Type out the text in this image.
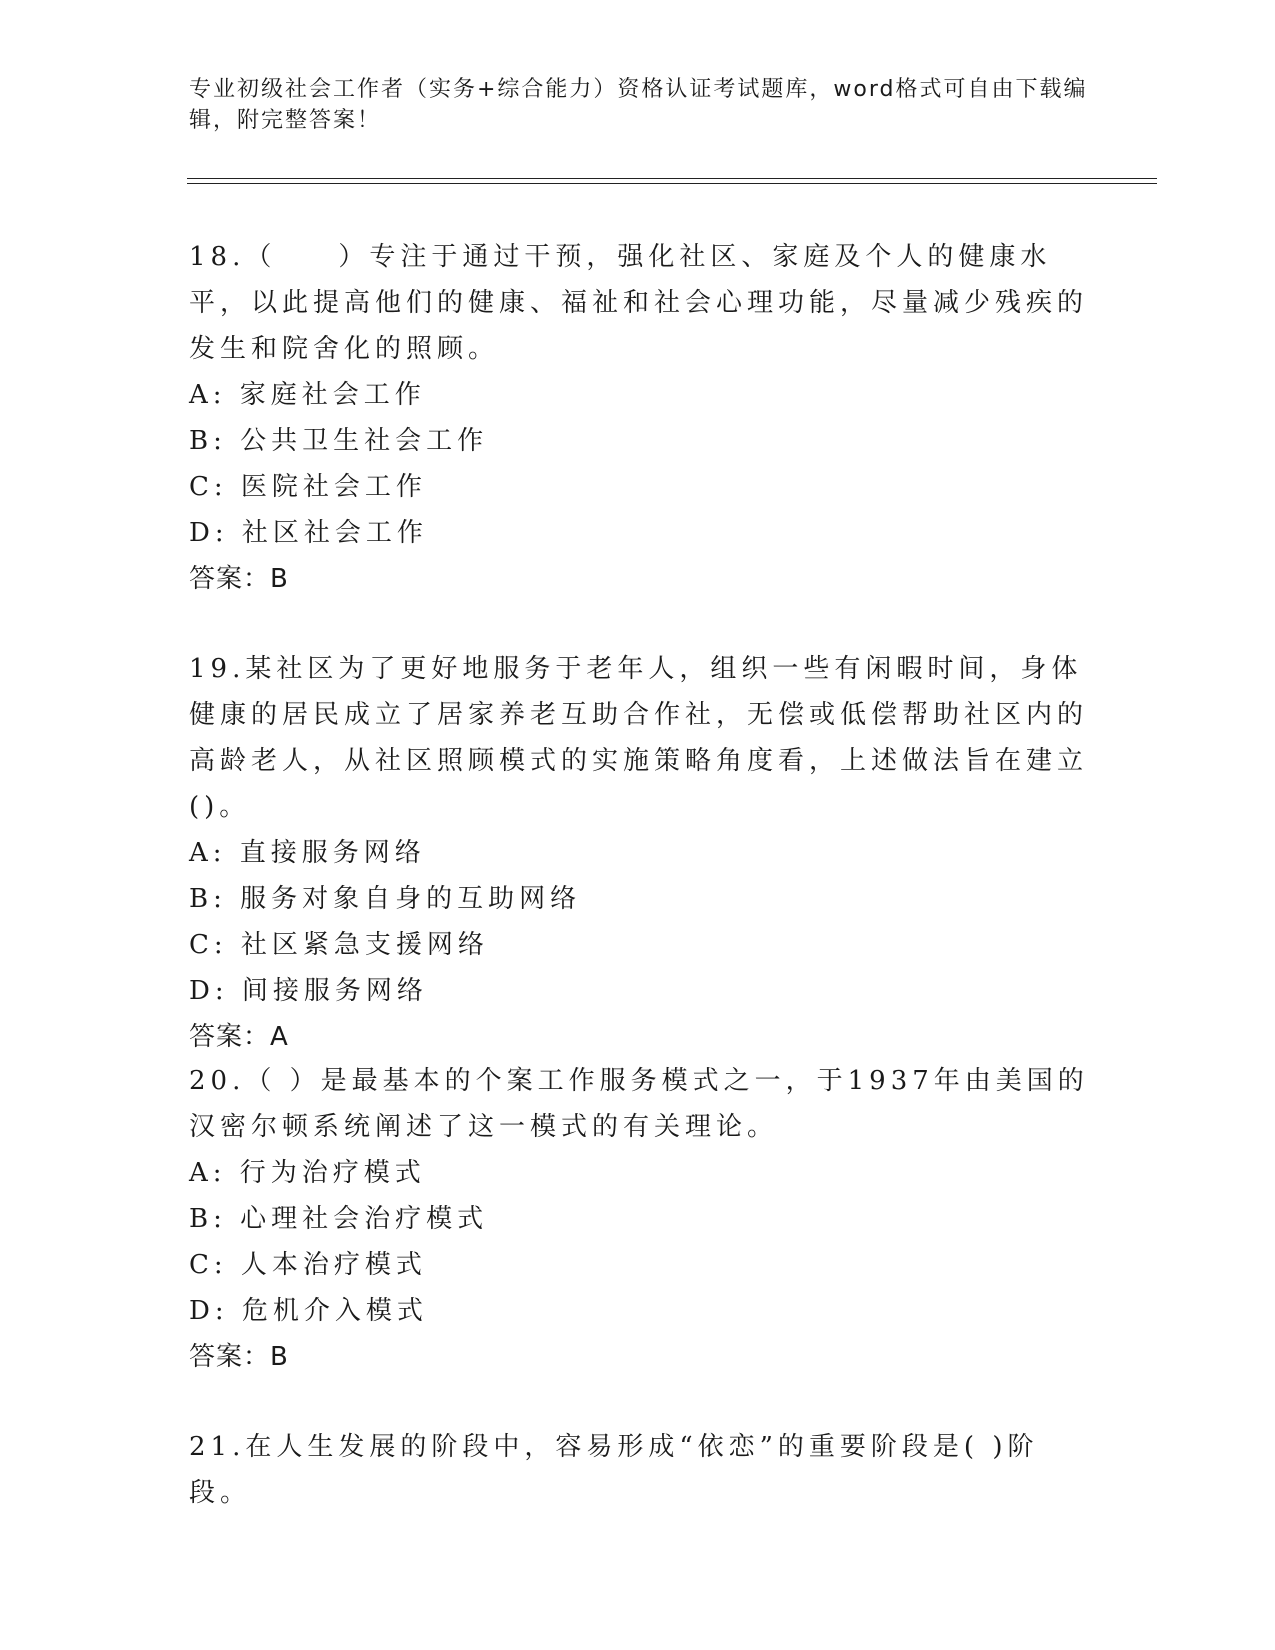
专业初级社会工作者（实务+综合能力）资格认证考试题库，word格式可自由下载编辑，附完整答案！
18.（　　）专注于通过干预，强化社区、家庭及个人的健康水平，以此提高他们的健康、福祉和社会心理功能，尽量减少残疾的发生和院舍化的照顾。
A: 家庭社会工作
B: 公共卫生社会工作
C: 医院社会工作
D: 社区社会工作
答案：B
19.某社区为了更好地服务于老年人，组织一些有闲暇时间，身体健康的居民成立了居家养老互助合作社，无偿或低偿帮助社区内的高龄老人，从社区照顾模式的实施策略角度看，上述做法旨在建立()。
A: 直接服务网络
B: 服务对象自身的互助网络
C: 社区紧急支援网络
D: 间接服务网络
答案：A
20.（ ）是最基本的个案工作服务模式之一，于1937年由美国的汉密尔顿系统阐述了这一模式的有关理论。
A: 行为治疗模式
B: 心理社会治疗模式
C: 人本治疗模式
D: 危机介入模式
答案：B
21.在人生发展的阶段中，容易形成“依恋”的重要阶段是( )阶段。
